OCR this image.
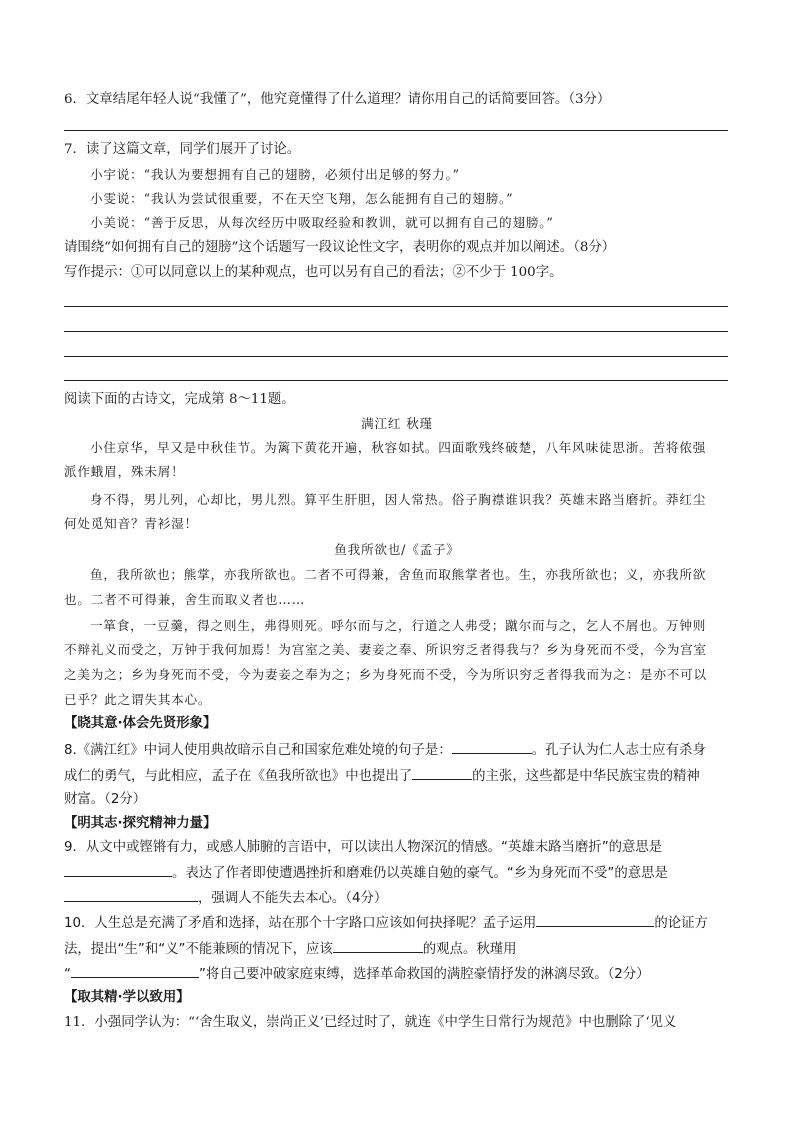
6．文章结尾年轻人说“我懂了”，他究竟懂得了什么道理？请你用自己的话简要回答。（3分）
7．读了这篇文章，同学们展开了讨论。
小宇说：“我认为要想拥有自己的翅膀，必须付出足够的努力。”
小雯说：“我认为尝试很重要，不在天空飞翔，怎么能拥有自己的翅膀。”
小美说：“善于反思，从每次经历中吸取经验和教训，就可以拥有自己的翅膀。”
请围绕“如何拥有自己的翅膀”这个话题写一段议论性文字，表明你的观点并加以阐述。（8分）
写作提示：①可以同意以上的某种观点，也可以另有自己的看法；②不少于 100字。
阅读下面的古诗文，完成第 8～11题。
满江红 秋瑾
小住京华，早又是中秋佳节。为篱下黄花开遍，秋容如拭。四面歌残终破楚，八年风味徒思浙。苦将侬强
派作蛾眉，殊未屑！
身不得，男儿列，心却比，男儿烈。算平生肝胆，因人常热。俗子胸襟谁识我？英雄末路当磨折。莽红尘
何处觅知音？青衫湿！
鱼我所欲也/《孟子》
鱼，我所欲也；熊掌，亦我所欲也。二者不可得兼，舍鱼而取熊掌者也。生，亦我所欲也；义，亦我所欲
也。二者不可得兼，舍生而取义者也……
一箪食，一豆羹，得之则生，弗得则死。呼尔而与之，行道之人弗受；蹴尔而与之，乞人不屑也。万钟则
不辩礼义而受之，万钟于我何加焉！为宫室之美、妻妾之奉、所识穷乏者得我与？乡为身死而不受，今为宫室
之美为之；乡为身死而不受，今为妻妾之奉为之；乡为身死而不受，今为所识穷乏者得我而为之：是亦不可以
已乎？此之谓失其本心。
【晓其意·体会先贤形象】
8.《满江红》中词人使用典故暗示自己和国家危难处境的句子是：	。孔子认为仁人志士应有杀身
成仁的勇气，与此相应，孟子在《鱼我所欲也》中也提出了	的主张，这些都是中华民族宝贵的精神
财富。（2分）
【明其志·探究精神力量】
9．从文中或铿锵有力，或感人肺腑的言语中，可以读出人物深沉的情感。“英雄末路当磨折”的意思是
。表达了作者即使遭遇挫折和磨难仍以英雄自勉的豪气。“乡为身死而不受”的意思是
，强调人不能失去本心。（4分）
10．人生总是充满了矛盾和选择，站在那个十字路口应该如何抉择呢？孟子运用	的论证方
法，提出“生”和“义”不能兼顾的情况下，应该	的观点。秋瑾用
“	”将自己要冲破家庭束缚，选择革命救国的满腔豪情抒发的淋漓尽致。（2分）
【取其精·学以致用】
11．小强同学认为：“‘舍生取义，崇尚正义’已经过时了，就连《中学生日常行为规范》中也删除了‘见义
